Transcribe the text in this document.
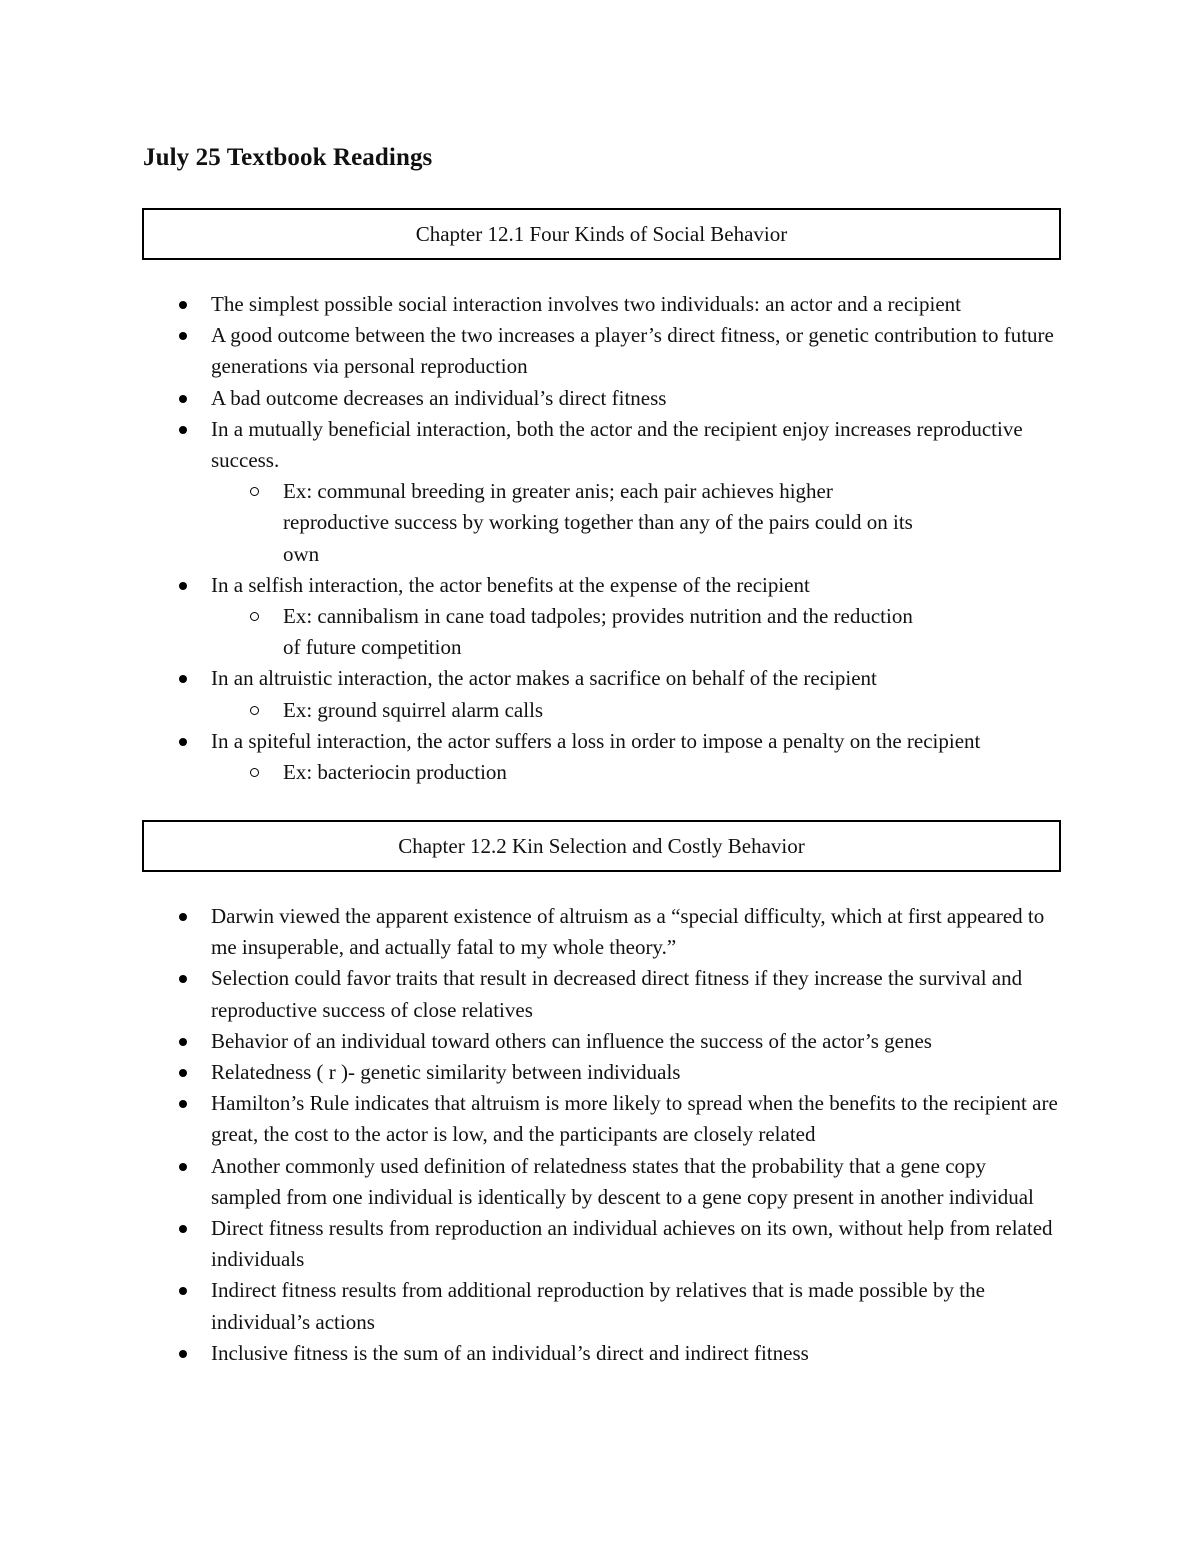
July 25 Textbook Readings
Chapter 12.1 Four Kinds of Social Behavior
The simplest possible social interaction involves two individuals: an actor and a recipient
A good outcome between the two increases a player’s direct fitness, or genetic contribution to future generations via personal reproduction
A bad outcome decreases an individual’s direct fitness
In a mutually beneficial interaction, both the actor and the recipient enjoy increases reproductive success.
Ex: communal breeding in greater anis; each pair achieves higher reproductive success by working together than any of the pairs could on its own
In a selfish interaction, the actor benefits at the expense of the recipient
Ex: cannibalism in cane toad tadpoles; provides nutrition and the reduction of future competition
In an altruistic interaction, the actor makes a sacrifice on behalf of the recipient
Ex: ground squirrel alarm calls
In a spiteful interaction, the actor suffers a loss in order to impose a penalty on the recipient
Ex: bacteriocin production
Chapter 12.2 Kin Selection and Costly Behavior
Darwin viewed the apparent existence of altruism as a “special difficulty, which at first appeared to me insuperable, and actually fatal to my whole theory.”
Selection could favor traits that result in decreased direct fitness if they increase the survival and reproductive success of close relatives
Behavior of an individual toward others can influence the success of the actor’s genes
Relatedness ( r )- genetic similarity between individuals
Hamilton’s Rule indicates that altruism is more likely to spread when the benefits to the recipient are great, the cost to the actor is low, and the participants are closely related
Another commonly used definition of relatedness states that the probability that a gene copy sampled from one individual is identically by descent to a gene copy present in another individual
Direct fitness results from reproduction an individual achieves on its own, without help from related individuals
Indirect fitness results from additional reproduction by relatives that is made possible by the individual’s actions
Inclusive fitness is the sum of an individual’s direct and indirect fitness
